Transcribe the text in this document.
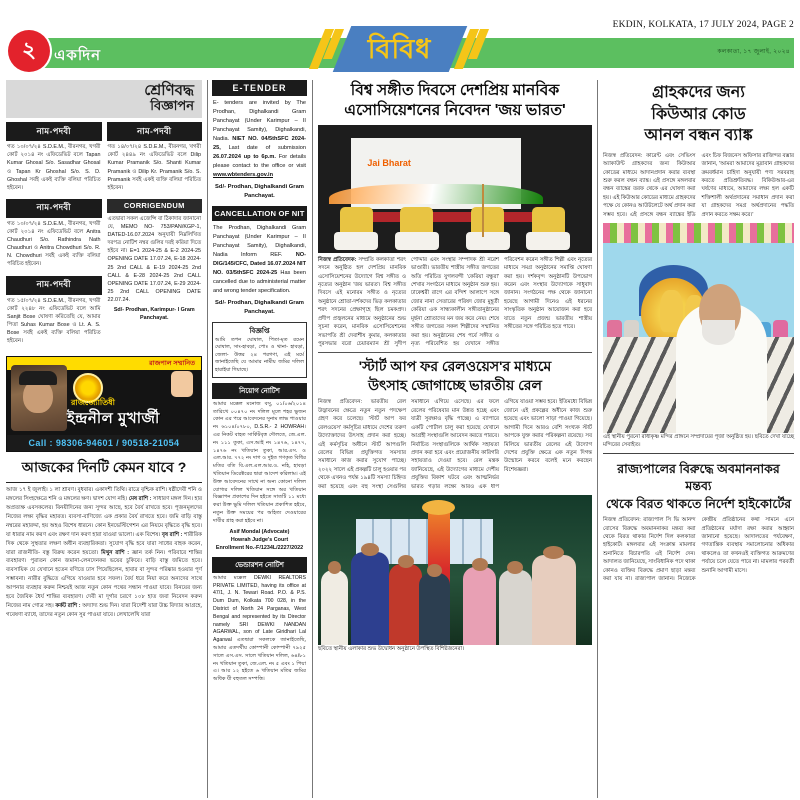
EKDIN, KOLKATA, 17 JULY 2024, PAGE 2
কলকাতা, ১৭ জুলাই, ২০২৪
২	একদিন	বিবিধ
শ্রেণিবদ্ধ
বিজ্ঞাপন
নাম-পদবী
গত ১০/০৭/২৪ S.D.E.M., বীরনগর, খগরী কোর্ট ২০১৪ নং এফিডেভিট বলে Tapan Kumar Ghosal S/o. Sasadhar Ghosal ও Tapan Kr Ghoshal S/o. S. D. Ghoshal সর্বই একই ব্যক্তি বলিয়া পরিচিত হইবেন।
নাম-পদবী
গত ১০/০৭/২৪ S.D.E.M., বীরনগর, খগরী কোর্ট ২০১৪ নং এফিডেভিট বলে Anitra Chaudhuri S/o. Rathindra Nath Chaudhuri ও Anitra Chowdhuri S/o. R. N. Chowdhuri সর্বই একই ব্যক্তি বলিয়া পরিচিত হইবেন।
নাম-পদবী
গত ১৫/০৭/২৪ S.D.E.M., বীরনগর, খগরী কোর্ট ২২৪৮ নং এফিডেভিট বলে আমি Sanjit Bose ঘোষণা করিতেছি যে, আমার পিতা Suhas Kumar Bose ও Lt. A. S. Bose সর্বই একই ব্যক্তি বলিয়া পরিচিত হইবেন।
নাম-পদবী
গত ১৪/০৭/২৪ S.D.E.M., বীরনগর, খগরী কোর্ট ২৪৪৯ নং এফিডেভিট বলে Dilip Kumar Pramanik S/o. Shanti Kumar Pramanik ও Dilip Kr. Pramanik S/o. S. Pramanik সর্বই একই ব্যক্তি বলিয়া পরিচিত হইবেন।
CORRIGENDUM
এতদ্বারা সকল এজেন্সি বা ঠিকাদার জানানো যে, MEMO NO- 753/PAN/KGP-1, DATED-16.07.2024 অনুযায়ী নিম্নলিখিত দরপত্র নোটিশ নম্বর গুলির দরই করিয়া দিতে হইবে না। E=1 2024-25 & E-2 2024-25 OPENING DATE 17.07.24, E-18 2024-25 2nd CALL & E-19 2024-25 2nd CALL & E-28 2024-25 2nd CALL OPENING DATE 17.07.24, E-29 2024-25 2nd CALL OPENING DATE 22.07.24.
Sd/- Prodhan, Karimpur- I Gram Panchayat.
রাজপাল সম্মানিত
রাজজ্যোতিষী
ইন্দ্রনীল মুখার্জী
Call : 98306-94601 / 90518-21054
আজকের দিনটি কেমন যাবে ?
আজ ১৭ ই জুলাই। ১ লা শ্রাবণ। বুধবার। একাদশী তিথি। রাত্রে বৃশ্চিক রাশি। ষষ্ঠীদেবী শনি ও মঙ্গলের সিংহক্ষেত্রে শনি ও মঙ্গলের ক্ষণ। দ্বাদশ যোগ নহি। মেষ রাশি : সাধারণ মঙ্গল দিন। হার অপ্রত্যক্ষ এবসকলের। বিনয়ীদিনের জন্য সুন্দর আছে, হবে বৈর্য রাখতে হবে। পূজনমূলদের নিজের লক্ষ্য বৃদ্ধির মহারত। ব্যবসা-বাণিজ্যে এক প্রকার বৈর্য রাখতে হবে। জমি বাড়ি বাস্তু নম্বরের মহারদ্দা, হয় অহও বিশেষ ধারনে। কোন ইনভেস্টিগেশন এর নিয়মে বৃদ্ধিতে বৃদ্ধি হবে। যা ধারার নাম করণ এবং রক্ষণ দান করণ হারা যাওয়া ভালো। এক বিশেষ। বৃষ রাশি : শারীরিক দিক থেকে সুস্থতার লক্ষণ অধীন ব্যবহারিকতা। সুযোগ বৃদ্ধি হবে যারা সাধের বাহক করেন, যারা রাজনীতি- বস্তু বিক্রয় করেন হয়তো। মিথুন রাশি : জ্ঞান তর্ক নিন। পরিবারে শান্তির ব্যবহারণ। পুরাতন কোন জমানা-লেনদেনকর ভয়ের চুকিবে। বাড়ি বাস্তু জমিতে হবে। ব্যবসায়িক যে যেখানে হতেন বণিতে ঢাস পিয়েছিলেন, হাবার বা সুন্দর পরিষ্কার হওয়ার পূর্ণ সম্ভাবনা। নারীর বুদ্ধিতে এগিয়ে যাওয়ার হবে সফল। বৈর্য ধরে নিয়া করে অন্যদের সাথে আপনার ব্যবহার করুন নিশ্চয়ই আজ নতুন কোন পথের সন্ধান পাওয়া যাবে। বিনয়ের জন্য হবে জৈবিক ধৈর্য শান্তির ব্যবহারণ। দেবী মা দূর্গার চরণে ১০৮ হাত জবা নিবেদন করুন নিজের নাম গোত্র সহ। কর্কট রাশি : অদ্যাদ্য শুভ দিন। যারা বিদেশী যারা উচ্চ বিদ্যার আগ্রহে, গবেষণা ব্যাধে, তাদের নতুন কোন সুর পাওয়া যাবে। লেখালেখি যারা
E-TENDER
E- tenders are invited by The Prodhan, Dighalkandi Gram Panchayat (Under Karimpur – II Panchayat Samity), Dighalkandi, Nadia. NIET NO. 04/5thSFC 2024-25, Last date of submission 26.07.2024 up to 6p.m. For details please contact to the office or visit www.wbtenders.gov.in
Sd/- Prodhan, Dighalkandi Gram Panchayat.
CANCELLATION OF NIT
The Prodhan, Dighalkandi Gram Panchayat (Under Karimpur – II Panchayat Samity), Dighalkandi, Nadia Inform REF. NO- DIG/145/CFC, Dated 16.07.2024 NIT NO. 03/5thSFC 2024-25 Has been cancelled due to administerial matter and wrong tender specification.
Sd/- Prodhan, Dighalkandi Gram Panchayat.
বিজ্ঞপ্তি
আমি তপন ঘোষাল, পিতা-মৃত রমেন ঘোষাল, সাং-হাবড়া, পোঃ ও থানা- হাবড়া, জেলা- উত্তর ২৪ পরগণা, এই মর্মে জানাইতেছি যে আমার নামীয় জমির দলিল হারাইয়া গিয়াছে।
নিয়োগ নোটিশ
আমার মক্কেল মনোজ বসু, ০১/০৬/২০১৪ তারিখে ০০৪৭০ নং দলিল মূলে শহর ভুজন কোন এর পরে আবেদনের সুনাম লাভ পাওয়ার নং ৬১০৪/০৭৮০, D.S.R.- 2 HOWRAH। এর নিকট বাহত সার্কিটবৃত্ত দৌলতে, জে.এল. নং ১১১ তুকা, এস.আই নং ১৪৭৬, ১৪৭৭, ১৪৭৬ নং খতিয়ান তুকা, আর.এস. ও এল.আর. ৭৭২ নং দাগ ও দুইত গণকৃত বিধির মতির বতি বি.এল.এল.আর.ও. নহি, হাবড়া খতিয়ান ডিরেক্টরের দ্বারা আদেশ করিলাম। এই উক্ত আবেদনের সাথে না অন্য কোনো দলিল যোগ্যর দলিল খতিয়ান সঙ্গে অর খতিয়ান বিজ্ঞাপন প্রকাশের দিন হইতে সাতটি ১১ মধ্যে করা উক্ত ভুমি দলিল খতিয়ান প্রকাশিত হইবে, নতুন উক্ত সময়ের পর অহিত্য দেওয়ারের দাবীর গ্রাহ করা হইবে না।
Asif Mondal (Advocate)
Howrah Judge's Court
Enrollment No.-F/1234L/2227/2022
ভেন্ডারশন নোটিশ
আমার মক্কেল DEWKI REALTORS PRIVATE LIMITED, having its office at 47/1, J. N. Tewari Road. P.O. & P.S. Dum Dum, Kolkata 700 028, in the District of North 24 Parganas, West Bengal and represented by its Director namely SRI DEWKI NANDAN AGARWAL, son of Late Giridhari Lal Agarwal এতদ্বারা সকলকে জানাইতেছি, আমার এতদর্থীয় কোম্পানী কোম্পানী ৭৯২৫ সালে এস.এস. সালে খতিয়ান দলিল, ৬৪/৮১ নং খতিয়ান তুকা, জে.এল. নং ৫ এবং ১ পিয়া এ। আর ১২ হইতে ৬ খতিয়ান মতির জমির অধিক যী বহুতল সম্পত্তি।
বিশ্ব সঙ্গীত দিবসে দেশপ্রিয় মানবিক
এসোসিয়েশনের নিবেদন 'জয় ভারত'
Jai Bharat
নিজস্ব প্রতিবেদক: সম্প্রতি কলকাতা শরৎ সদনে অনুষ্ঠিত হল দেশপ্রিয় মানবিক এসোসিয়েশনের উদ্যোগে বিশ্ব সঙ্গীত ও নৃত্যের অনুষ্ঠান 'জয় ভারত'। বিশ্ব সঙ্গীত দিবসে এই মনোরম সঙ্গীত ও নৃত্যের অনুষ্ঠানে শ্রোতা-দর্শকদের ভিড় কলকাতার শরৎ সদনের প্রেক্ষাগৃহে ছিল চমকপ্রদ। প্রদীপ প্রজ্বলনের মাধ্যমে অনুষ্ঠানের শুভ সূচনা করেন, মানবিক এসোসিয়েশনের সভাপতি শ্রী দেবাশীষ কুমার, কলকাতার পুরসভার বরো চেয়ারম্যান শ্রী সুদীপ পোদ্দার এবং সংস্থার সম্পাদক শ্রী নরেশ ভাণ্ডারী। ভারতীয় শাস্ত্রীয় সঙ্গীত জগতের অতি পরিচিত যুগলবন্দী 'কেরিয়া বন্ধুরা' শেখার সংগঠনে মাধ্যমে অনুষ্ঠান শুরু হয়। ঢাকেশ্বরী রাগে এর বন্দিশ আলাপে সঙ্গে জোর নানা সেতারের পরিষদ জোর মুহূর্তী কেরিয়া এক সান্ধ্যকালীন সঙ্গীতানুষ্ঠানের মূর্ছনা শ্রোতাদের মন জয় করে নেয়। শেষে সঙ্গীত জগতের সকল শিল্পীদের সম্মানিত করা হয়। অনুষ্ঠানের শেষ পর্বে সঙ্গীত ও নৃত্য পরিবেশিত হয় যেখানে সঙ্গীত পরিবেশন করেন সঙ্গীত শিল্পী এবং নৃত্যের মাধ্যমে সমগ্র অনুষ্ঠানের সমাপ্তি ঘোষণা করা হয়। দর্শকবৃন্দ অনুষ্ঠানটি উপভোগ করেন এবং সংস্থার উদ্যোগকে সাধুবাদ জানান। সংগঠনের পক্ষ থেকে জানানো হয়েছে আগামী দিনেও এই ধরনের সাংস্কৃতিক অনুষ্ঠান আয়োজন করা হবে যাতে নতুন প্রজন্ম ভারতীয় শাস্ত্রীয় সঙ্গীতের সঙ্গে পরিচিত হতে পারে।
'স্টার্ট আপ ফর রেলওয়েস'র মাধ্যমে
উৎসাহ জোগাচ্ছে ভারতীয় রেল
নিজস্ব প্রতিবেদন: ভারতীয় রেল উদ্ভাবনের ক্ষেত্রে নতুন নতুন পদক্ষেপ গ্রহণ করে চলেছে। 'স্টার্ট আপ ফর রেলওয়েস' কর্মসূচির মাধ্যমে দেশের তরুণ উদ্যোক্তাদের উৎসাহ প্রদান করা হচ্ছে। এই কর্মসূচির অধীনে স্টার্ট আপগুলি রেলের বিভিন্ন প্রযুক্তিগত সমস্যার সমাধানে কাজ করার সুযোগ পাচ্ছে। ২০২২ সালে এই প্রকল্পটি চালু হওয়ার পর থেকে এখনও পর্যন্ত ১৯৪টি সমস্যা চিহ্নিত করা হয়েছে এবং বহু সংস্থা সেগুলির সমাধানে এগিয়ে এসেছে। এর ফলে রেলের পরিষেবার মান উন্নত হচ্ছে এবং যাত্রী সুরক্ষাও বৃদ্ধি পাচ্ছে। এ ব্যাপারে একটি পোর্টাল চালু করা হয়েছে যেখানে আগ্রহী সংস্থাগুলি আবেদন করতে পারবে। নির্বাচিত সংস্থাগুলিকে আর্থিক সহায়তা প্রদান করা হবে এবং প্রয়োজনীয় কারিগরি সহায়তাও দেওয়া হবে। রেল মন্ত্রক জানিয়েছে, এই উদ্যোগের মাধ্যমে দেশীয় প্রযুক্তির বিকাশ ঘটবে এবং আত্মনির্ভর ভারত গড়ার লক্ষ্যে আরও এক ধাপ এগিয়ে যাওয়া সম্ভব হবে। ইতিমধ্যে বিভিন্ন জোনে এই প্রকল্পের অধীনে কাজ শুরু হয়েছে এবং ভালো সাড়া পাওয়া গিয়েছে। আগামী দিনে আরও বেশি সংখ্যক স্টার্ট আপকে যুক্ত করার পরিকল্পনা রয়েছে। সব মিলিয়ে ভারতীয় রেলের এই উদ্যোগ দেশের প্রযুক্তি ক্ষেত্রে এক নতুন দিগন্ত উন্মোচন করবে বলেই মনে করছেন বিশেষজ্ঞরা।
ছবিতে স্থানীয় এলাকার শুভ উদ্বোধন অনুষ্ঠানে উপস্থিত বিশিষ্টজনেরা।
গ্রাহকদের জন্য
কিউআর কোড
আনল বন্ধন ব্যাঙ্ক
নিজস্ব প্রতিবেদন: কারেন্ট এবং সেভিংস অ্যাকাউন্ট গ্রাহকদের জন্য কিউআর কোডের মাধ্যমে আদানপ্রদান করার ব্যবস্থা শুরু করল বন্ধন ব্যাঙ্ক। এই প্রসঙ্গে মঙ্গলবার বন্ধন ব্যাঙ্কের তরফ থেকে এর ঘোষণা করা হয়। এই কিউআর কোডের মাধ্যমে গ্রাহকদের পক্ষে যে কোনও আউটলেটে অর্থ প্রদান করা সম্ভব হবে। এই প্রসঙ্গে বন্ধন ব্যাঙ্কের ইডি এবং চিফ বিজনেস অফিসার রাজিন্দর বক্সার জানান, 'আমরা আমাদের মূদ্রাবান গ্রাহকদের ক্রমবর্ধমান চাহিদা অনুযায়ী পণ্য সরবরাহ করতে প্রতিশ্রুতিবদ্ধ। বিকিউআর-এর ঘর্ষণের মাধ্যমে, আমাদের লক্ষ্য হল একটি শক্তিশালী অর্থপ্রদানের সমাধান প্রদান করা যা গ্রাহকদের সমগ্র অর্থপ্রদানের পদ্ধতি প্রদান করতে সক্ষম করে।'
এই স্থানীয় পুরনো রাধাকৃষ্ণ মন্দির প্রাঙ্গনে সম্প্রদায়ের পূজা অনুষ্ঠিত হয়। ছবিতে দেখা যাচ্ছে মন্দিরের সেবাইত।
রাজ্যপালের বিরুদ্ধে অবমাননাকর মন্তব্য
থেকে বিরত থাকতে নির্দেশ হাইকোর্টের
নিজস্ব প্রতিবেদন: রাজ্যপাল সি ভি আনন্দ বোসের বিরুদ্ধে অবমাননাকর মন্তব্য করা থেকে বিরত থাকার নির্দেশ দিল কলকাতা হাইকোর্ট। মঙ্গলবার এই সংক্রান্ত মামলার শুনানিতে বিচারপতি এই নির্দেশ দেন। আদালত জানিয়েছে, সাংবিধানিক পদে থাকা কোনও ব্যক্তির বিরুদ্ধে প্রমাণ ছাড়া মন্তব্য করা যায় না। রাজ্যপাল জানান। নিজেকে কেন্দ্রীয় প্রতিষ্ঠানের কথা সামনে এনে প্রতিষ্ঠানের মর্যাদা রক্ষা করার আহ্বান জানানো হয়েছে। আদালতের পর্যবেক্ষণ, গণতান্ত্রিক ব্যবস্থায় সমালোচনার অধিকার থাকলেও তা কখনওই ব্যক্তিগত আক্রমণের পর্যায়ে চলে যেতে পারে না। মামলার পরবর্তী শুনানি আগামী মাসে।
